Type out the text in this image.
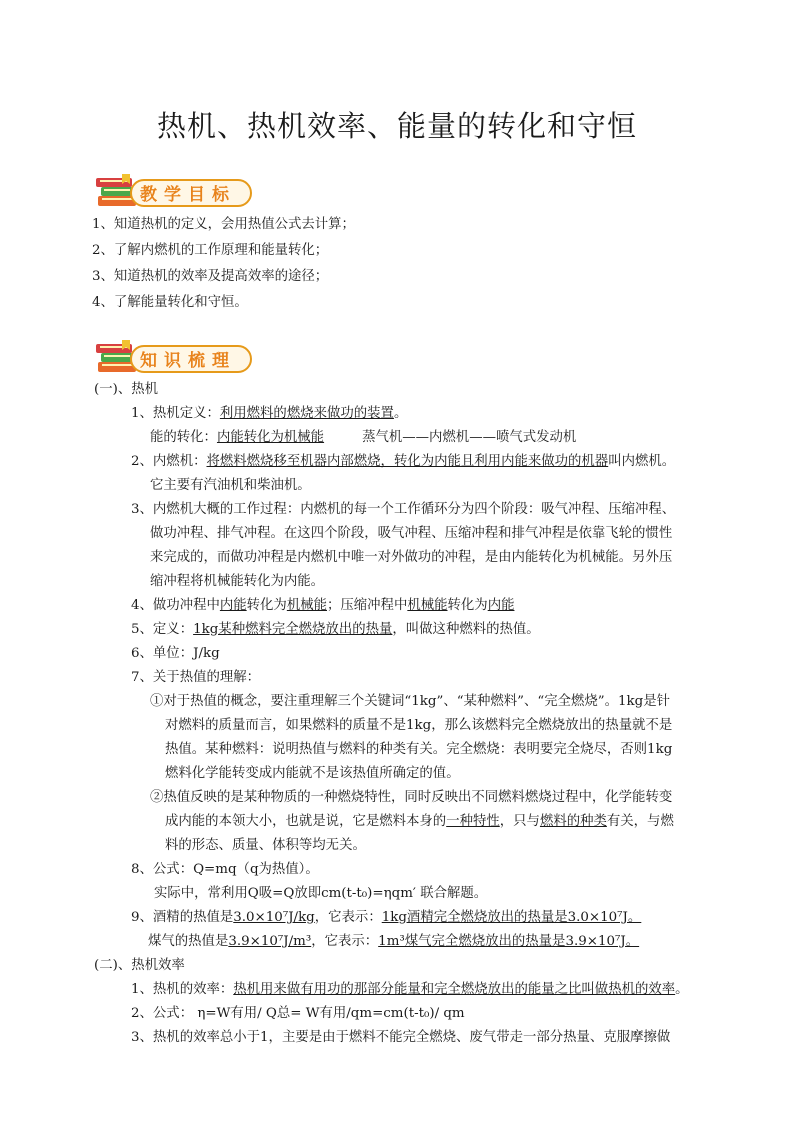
热机、热机效率、能量的转化和守恒
教学目标
1、知道热机的定义，会用热值公式去计算；
2、了解内燃机的工作原理和能量转化；
3、知道热机的效率及提高效率的途径；
4、了解能量转化和守恒。
知识梳理
(一)、热机
1、热机定义：利用燃料的燃烧来做功的装置。
能的转化：内能转化为机械能	蒸气机——内燃机——喷气式发动机
2、内燃机：将燃料燃烧移至机器内部燃烧，转化为内能且利用内能来做功的机器叫内燃机。
它主要有汽油机和柴油机。
3、内燃机大概的工作过程：内燃机的每一个工作循环分为四个阶段：吸气冲程、压缩冲程、
做功冲程、排气冲程。在这四个阶段，吸气冲程、压缩冲程和排气冲程是依靠飞轮的惯性
来完成的，而做功冲程是内燃机中唯一对外做功的冲程，是由内能转化为机械能。另外压
缩冲程将机械能转化为内能。
4、做功冲程中内能转化为机械能；压缩冲程中机械能转化为内能
5、定义：1kg某种燃料完全燃烧放出的热量，叫做这种燃料的热值。
6、单位：J/kg
7、关于热值的理解：
①对于热值的概念，要注重理解三个关键词“1kg”、“某种燃料”、“完全燃烧”。1kg是针
对燃料的质量而言，如果燃料的质量不是1kg，那么该燃料完全燃烧放出的热量就不是
热值。某种燃料：说明热值与燃料的种类有关。完全燃烧：表明要完全烧尽，否则1kg
燃料化学能转变成内能就不是该热值所确定的值。
②热值反映的是某种物质的一种燃烧特性，同时反映出不同燃料燃烧过程中，化学能转变
成内能的本领大小，也就是说，它是燃料本身的一种特性，只与燃料的种类有关，与燃
料的形态、质量、体积等均无关。
8、公式：Q=mq（q为热值）。
实际中，常利用Q吸=Q放即cm(t-t₀)=ηqm′ 联合解题。
9、酒精的热值是3.0×10⁷J/kg，它表示：1kg酒精完全燃烧放出的热量是3.0×10⁷J。
煤气的热值是3.9×10⁷J/m³，它表示：1m³煤气完全燃烧放出的热量是3.9×10⁷J。
(二)、热机效率
1、热机的效率：热机用来做有用功的那部分能量和完全燃烧放出的能量之比叫做热机的效率。
2、公式： η=W有用/ Q总= W有用/qm=cm(t-t₀)/ qm
3、热机的效率总小于1，主要是由于燃料不能完全燃烧、废气带走一部分热量、克服摩擦做
